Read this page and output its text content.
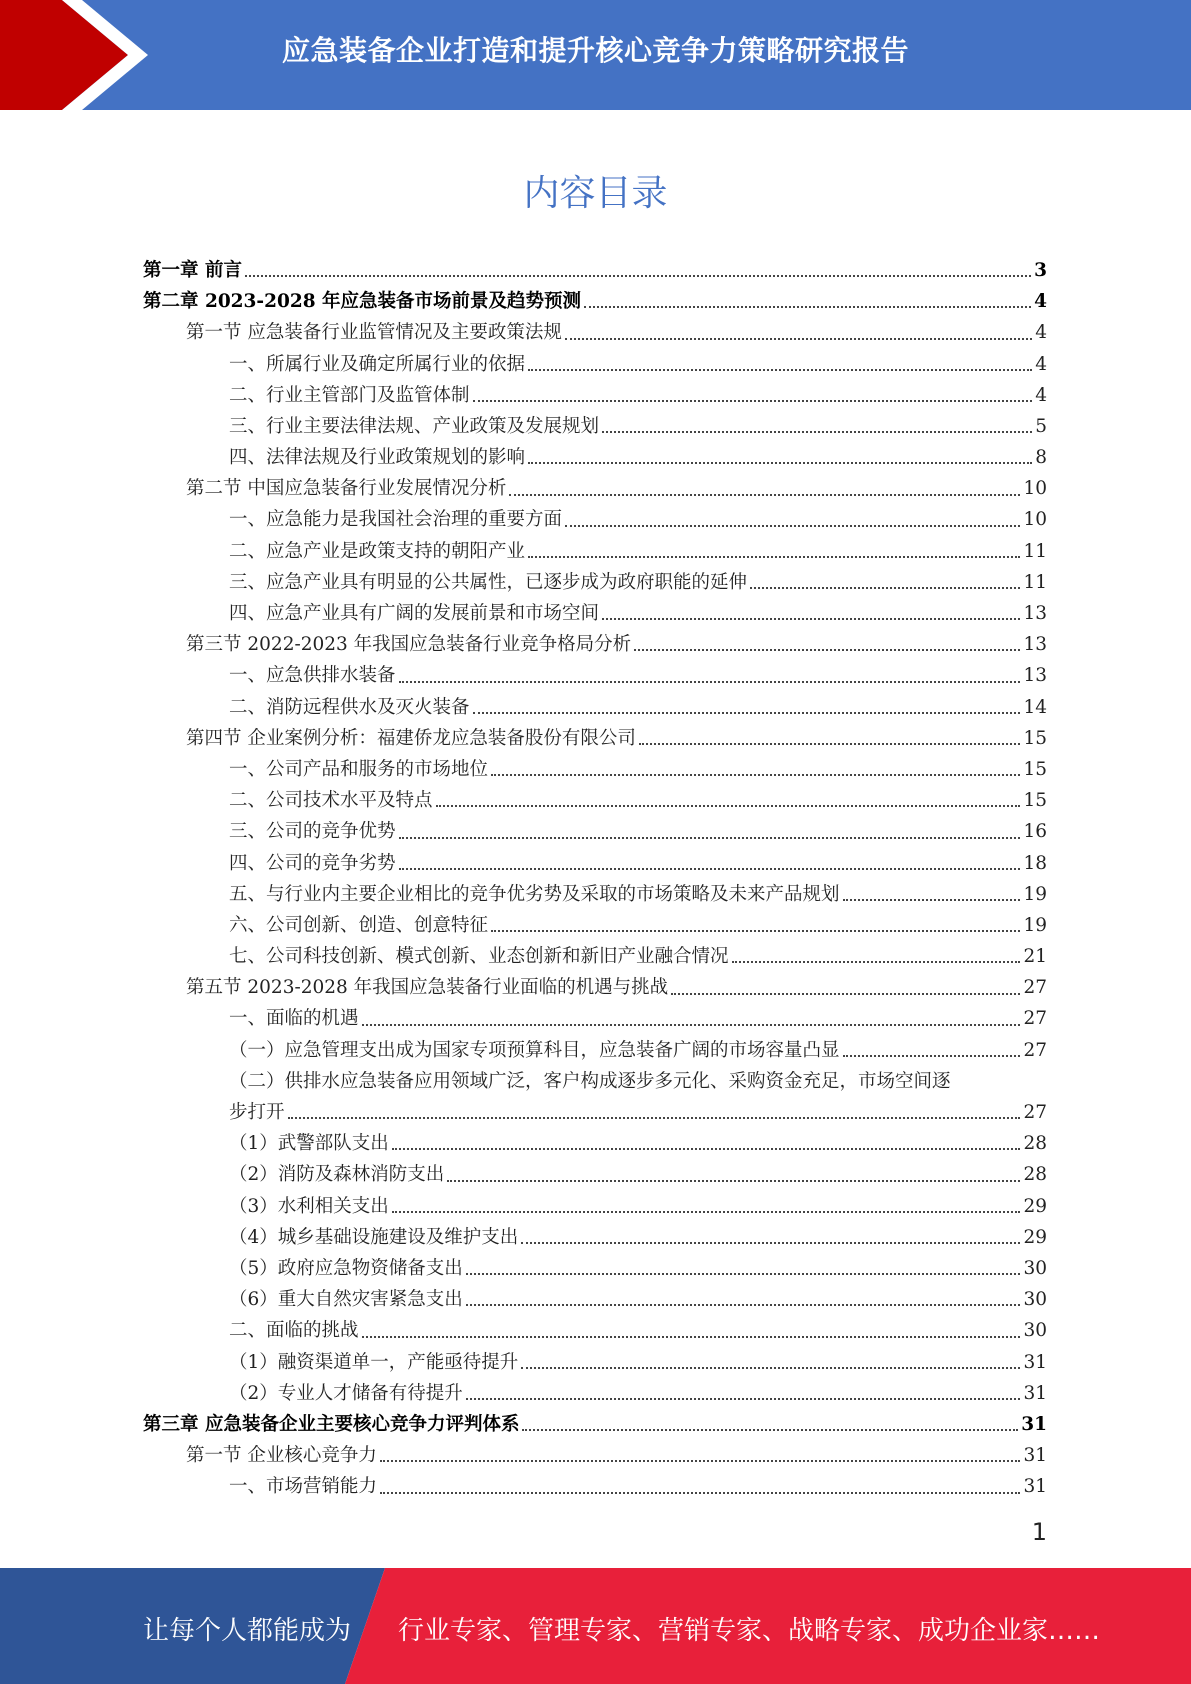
应急装备企业打造和提升核心竞争力策略研究报告
内容目录
第一章 前言	3
第二章 2023-2028 年应急装备市场前景及趋势预测	4
第一节 应急装备行业监管情况及主要政策法规	4
一、所属行业及确定所属行业的依据	4
二、行业主管部门及监管体制	4
三、行业主要法律法规、产业政策及发展规划	5
四、法律法规及行业政策规划的影响	8
第二节 中国应急装备行业发展情况分析	10
一、应急能力是我国社会治理的重要方面	10
二、应急产业是政策支持的朝阳产业	11
三、应急产业具有明显的公共属性，已逐步成为政府职能的延伸	11
四、应急产业具有广阔的发展前景和市场空间	13
第三节 2022-2023 年我国应急装备行业竞争格局分析	13
一、应急供排水装备	13
二、消防远程供水及灭火装备	14
第四节 企业案例分析：福建侨龙应急装备股份有限公司	15
一、公司产品和服务的市场地位	15
二、公司技术水平及特点	15
三、公司的竞争优势	16
四、公司的竞争劣势	18
五、与行业内主要企业相比的竞争优劣势及采取的市场策略及未来产品规划	19
六、公司创新、创造、创意特征	19
七、公司科技创新、模式创新、业态创新和新旧产业融合情况	21
第五节 2023-2028 年我国应急装备行业面临的机遇与挑战	27
一、面临的机遇	27
（一）应急管理支出成为国家专项预算科目，应急装备广阔的市场容量凸显	27
（二）供排水应急装备应用领域广泛，客户构成逐步多元化、采购资金充足，市场空间逐
步打开	27
（1）武警部队支出	28
（2）消防及森林消防支出	28
（3）水利相关支出	29
（4）城乡基础设施建设及维护支出	29
（5）政府应急物资储备支出	30
（6）重大自然灾害紧急支出	30
二、面临的挑战	30
（1）融资渠道单一，产能亟待提升	31
（2）专业人才储备有待提升	31
第三章 应急装备企业主要核心竞争力评判体系	31
第一节 企业核心竞争力	31
一、市场营销能力	31
1
让每个人都能成为 行业专家、管理专家、营销专家、战略专家、成功企业家……
